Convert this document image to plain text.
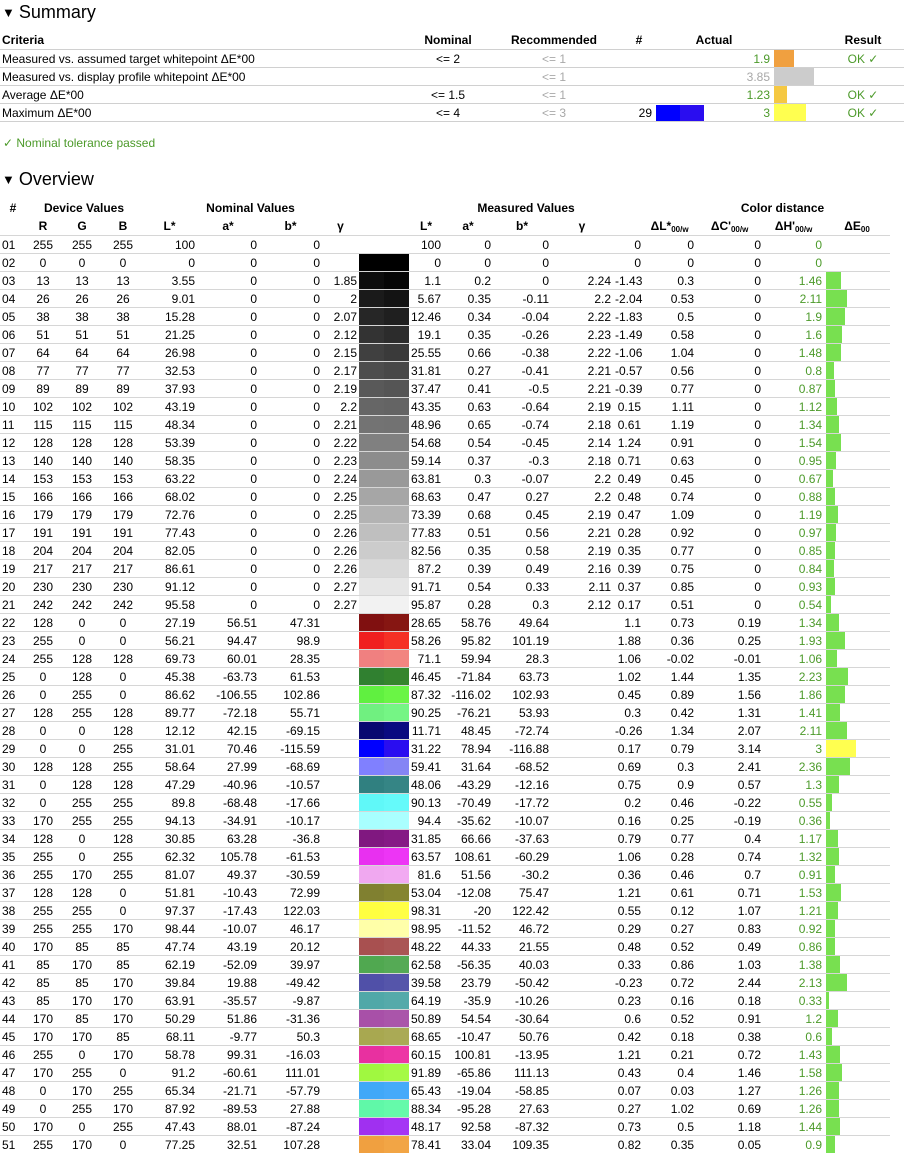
▼ Summary
Criteria	Nominal	Recommended	#	Actual		Result
Measured vs. assumed target whitepoint ΔE*00	<= 2	<= 1		1.9		OK ✓
Measured vs. display profile whitepoint ΔE*00		<= 1		3.85		
Average ΔE*00	<= 1.5	<= 1		1.23		OK ✓
Maximum ΔE*00	<= 4	<= 3	29	3		OK ✓
✓ Nominal tolerance passed
▼ Overview
#	Device Values			Nominal Values					Measured Values					Color distance				
	R	G	B	L*	a*	b*	γ		L*	a*	b*	γ		$\Delta L*_{00/w}$	$\Delta C'_{00/w}$	$\Delta H'_{00/w}$	$\Delta E_{00}$	
01	255	255	255	100	0	0			100	0	0		0	0	0	0		
02	0	0	0	0	0	0			0	0	0		0	0	0	0		
03	13	13	13	3.55	0	0	1.85		1.1	0.2	0	2.24	-1.43	0.3	0	1.46		
04	26	26	26	9.01	0	0	2		5.67	0.35	-0.11	2.2	-2.04	0.53	0	2.11		
05	38	38	38	15.28	0	0	2.07		12.46	0.34	-0.04	2.22	-1.83	0.5	0	1.9		
06	51	51	51	21.25	0	0	2.12		19.1	0.35	-0.26	2.23	-1.49	0.58	0	1.6		
07	64	64	64	26.98	0	0	2.15		25.55	0.66	-0.38	2.22	-1.06	1.04	0	1.48		
08	77	77	77	32.53	0	0	2.17		31.81	0.27	-0.41	2.21	-0.57	0.56	0	0.8		
09	89	89	89	37.93	0	0	2.19		37.47	0.41	-0.5	2.21	-0.39	0.77	0	0.87		
10	102	102	102	43.19	0	0	2.2		43.35	0.63	-0.64	2.19	0.15	1.11	0	1.12		
11	115	115	115	48.34	0	0	2.21		48.96	0.65	-0.74	2.18	0.61	1.19	0	1.34		
12	128	128	128	53.39	0	0	2.22		54.68	0.54	-0.45	2.14	1.24	0.91	0	1.54		
13	140	140	140	58.35	0	0	2.23		59.14	0.37	-0.3	2.18	0.71	0.63	0	0.95		
14	153	153	153	63.22	0	0	2.24		63.81	0.3	-0.07	2.2	0.49	0.45	0	0.67		
15	166	166	166	68.02	0	0	2.25		68.63	0.47	0.27	2.2	0.48	0.74	0	0.88		
16	179	179	179	72.76	0	0	2.25		73.39	0.68	0.45	2.19	0.47	1.09	0	1.19		
17	191	191	191	77.43	0	0	2.26		77.83	0.51	0.56	2.21	0.28	0.92	0	0.97		
18	204	204	204	82.05	0	0	2.26		82.56	0.35	0.58	2.19	0.35	0.77	0	0.85		
19	217	217	217	86.61	0	0	2.26		87.2	0.39	0.49	2.16	0.39	0.75	0	0.84		
20	230	230	230	91.12	0	0	2.27		91.71	0.54	0.33	2.11	0.37	0.85	0	0.93		
21	242	242	242	95.58	0	0	2.27		95.87	0.28	0.3	2.12	0.17	0.51	0	0.54		
22	128	0	0	27.19	56.51	47.31			28.65	58.76	49.64		1.1	0.73	0.19	1.34		
23	255	0	0	56.21	94.47	98.9			58.26	95.82	101.19		1.88	0.36	0.25	1.93		
24	255	128	128	69.73	60.01	28.35			71.1	59.94	28.3		1.06	-0.02	-0.01	1.06		
25	0	128	0	45.38	-63.73	61.53			46.45	-71.84	63.73		1.02	1.44	1.35	2.23		
26	0	255	0	86.62	-106.55	102.86			87.32	-116.02	102.93		0.45	0.89	1.56	1.86		
27	128	255	128	89.77	-72.18	55.71			90.25	-76.21	53.93		0.3	0.42	1.31	1.41		
28	0	0	128	12.12	42.15	-69.15			11.71	48.45	-72.74		-0.26	1.34	2.07	2.11		
29	0	0	255	31.01	70.46	-115.59			31.22	78.94	-116.88		0.17	0.79	3.14	3		
30	128	128	255	58.64	27.99	-68.69			59.41	31.64	-68.52		0.69	0.3	2.41	2.36		
31	0	128	128	47.29	-40.96	-10.57			48.06	-43.29	-12.16		0.75	0.9	0.57	1.3		
32	0	255	255	89.8	-68.48	-17.66			90.13	-70.49	-17.72		0.2	0.46	-0.22	0.55		
33	170	255	255	94.13	-34.91	-10.17			94.4	-35.62	-10.07		0.16	0.25	-0.19	0.36		
34	128	0	128	30.85	63.28	-36.8			31.85	66.66	-37.63		0.79	0.77	0.4	1.17		
35	255	0	255	62.32	105.78	-61.53			63.57	108.61	-60.29		1.06	0.28	0.74	1.32		
36	255	170	255	81.07	49.37	-30.59			81.6	51.56	-30.2		0.36	0.46	0.7	0.91		
37	128	128	0	51.81	-10.43	72.99			53.04	-12.08	75.47		1.21	0.61	0.71	1.53		
38	255	255	0	97.37	-17.43	122.03			98.31	-20	122.42		0.55	0.12	1.07	1.21		
39	255	255	170	98.44	-10.07	46.17			98.95	-11.52	46.72		0.29	0.27	0.83	0.92		
40	170	85	85	47.74	43.19	20.12			48.22	44.33	21.55		0.48	0.52	0.49	0.86		
41	85	170	85	62.19	-52.09	39.97			62.58	-56.35	40.03		0.33	0.86	1.03	1.38		
42	85	85	170	39.84	19.88	-49.42			39.58	23.79	-50.42		-0.23	0.72	2.44	2.13		
43	85	170	170	63.91	-35.57	-9.87			64.19	-35.9	-10.26		0.23	0.16	0.18	0.33		
44	170	85	170	50.29	51.86	-31.36			50.89	54.54	-30.64		0.6	0.52	0.91	1.2		
45	170	170	85	68.11	-9.77	50.3			68.65	-10.47	50.76		0.42	0.18	0.38	0.6		
46	255	0	170	58.78	99.31	-16.03			60.15	100.81	-13.95		1.21	0.21	0.72	1.43		
47	170	255	0	91.2	-60.61	111.01			91.89	-65.86	111.13		0.43	0.4	1.46	1.58		
48	0	170	255	65.34	-21.71	-57.79			65.43	-19.04	-58.85		0.07	0.03	1.27	1.26		
49	0	255	170	87.92	-89.53	27.88			88.34	-95.28	27.63		0.27	1.02	0.69	1.26		
50	170	0	255	47.43	88.01	-87.24			48.17	92.58	-87.32		0.73	0.5	1.18	1.44		
51	255	170	0	77.25	32.51	107.28			78.41	33.04	109.35		0.82	0.35	0.05	0.9		
